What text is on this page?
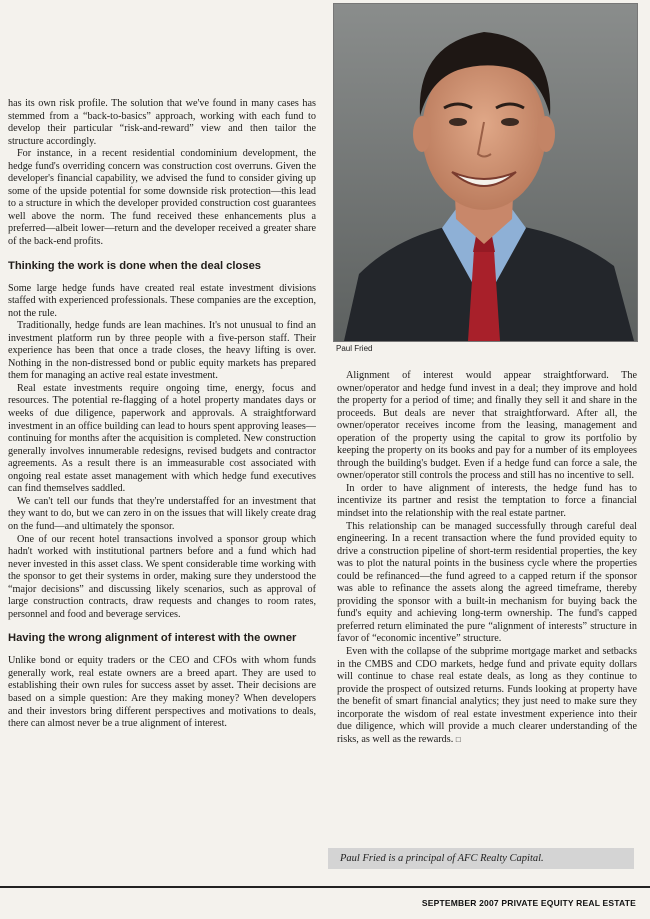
has its own risk profile. The solution that we've found in many cases has stemmed from a “back-to-basics” approach, working with each fund to develop their particular “risk-and-reward” view and then tailor the structure accordingly.

For instance, in a recent residential condominium development, the hedge fund's overriding concern was construction cost overruns. Given the developer's financial capability, we advised the fund to consider giving up some of the upside potential for some downside risk protection—this lead to a structure in which the developer provided construction cost guarantees well above the norm. The fund received these enhancements plus a preferred—albeit lower—return and the developer received a greater share of the back-end profits.

Thinking the work is done when the deal closes

Some large hedge funds have created real estate investment divisions staffed with experienced professionals. These companies are the exception, not the rule.

Traditionally, hedge funds are lean machines. It's not unusual to find an investment platform run by three people with a five-person staff. Their experience has been that once a trade closes, the heavy lifting is over. Nothing in the non-distressed bond or public equity markets has prepared them for managing an active real estate investment.

Real estate investments require ongoing time, energy, focus and resources. The potential re-flagging of a hotel property mandates days or weeks of due diligence, paperwork and approvals. A straightforward investment in an office building can lead to hours spent approving leases—continuing for months after the acquisition is completed. New construction generally involves innumerable redesigns, revised budgets and contractor agreements. As a result there is an immeasurable cost associated with ongoing real estate asset management with which hedge fund executives can find themselves saddled.

We can't tell our funds that they're understaffed for an investment that they want to do, but we can zero in on the issues that will likely create drag on the fund—and ultimately the sponsor.

One of our recent hotel transactions involved a sponsor group which hadn't worked with institutional partners before and a fund which had never invested in this asset class. We spent considerable time working with the sponsor to get their systems in order, making sure they understood the “major decisions” and discussing likely scenarios, such as approval of large construction contracts, draw requests and changes to room rates, personnel and food and beverage services.

Having the wrong alignment of interest with the owner

Unlike bond or equity traders or the CEO and CFOs with whom funds generally work, real estate owners are a breed apart. They are used to establishing their own rules for success asset by asset. Their decisions are based on a simple question: Are they making money? When developers and their investors bring different perspectives and motivations to deals, there can almost never be a true alignment of interest.

Paul Fried

Alignment of interest would appear straightforward. The owner/operator and hedge fund invest in a deal; they improve and hold the property for a period of time; and finally they sell it and share in the proceeds. But deals are never that straightforward. After all, the owner/operator receives income from the leasing, management and operation of the property using the capital to grow its portfolio by keeping the property on its books and pay for a number of its employees through the building's budget. Even if a hedge fund can force a sale, the owner/operator still controls the process and still has no incentive to sell.

In order to have alignment of interests, the hedge fund has to incentivize its partner and resist the temptation to force a financial mindset into the relationship with the real estate partner.

This relationship can be managed successfully through careful deal engineering. In a recent transaction where the fund provided equity to drive a construction pipeline of short-term residential properties, the key was to plot the natural points in the business cycle where the properties could be refinanced—the fund agreed to a capped return if the sponsor was able to refinance the assets along the agreed timeframe, thereby providing the sponsor with a built-in mechanism for buying back the fund's equity and achieving long-term ownership. The fund's capped preferred return eliminated the pure “alignment of interests” structure in favor of “economic incentive” structure.

Even with the collapse of the subprime mortgage market and setbacks in the CMBS and CDO markets, hedge fund and private equity dollars will continue to chase real estate deals, as long as they continue to provide the prospect of outsized returns. Funds looking at property have the benefit of smart financial analytics; they just need to make sure they incorporate the wisdom of real estate investment experience into their due diligence, which will provide a much clearer understanding of the risks, as well as the rewards. □

Paul Fried is a principal of AFC Realty Capital.
SEPTEMBER 2007 PRIVATE EQUITY REAL ESTATE
